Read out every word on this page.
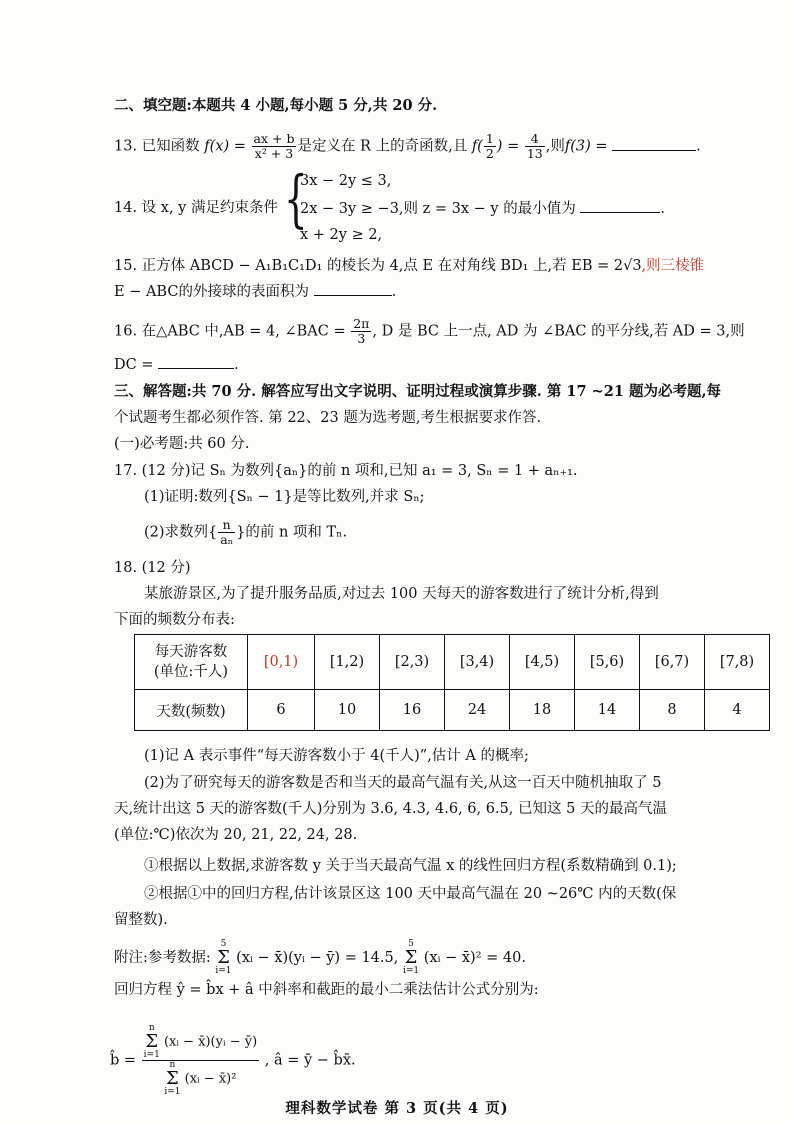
二、填空题:本题共 4 小题,每小题 5 分,共 20 分.
13. 已知函数 $f(x) = \frac{ax + b}{\text{x² + 3}}$ 是定义在 R 上的奇函数,且 $f( \frac{1}{2}$ ) = $\frac{4}{13}$ ,则f(3) =	.
{
3x − 2y ≤ 3,
14. 设 x, y 满足约束条件 2x − 3y ≥ −3,则 z = 3x − y 的最小值为	.
x + 2y ≥ 2,
15. 正方体 ABCD − A₁B₁C₁D₁ 的棱长为 4,点 E 在对角线 BD₁ 上,若 EB = 2√3,则三棱锥
E − ABC的外接球的表面积为	.
16. 在△ABC 中,AB = 4, ∠BAC = $\frac{2\pi}{3}$ , D 是 BC 上一点, AD 为 ∠BAC 的平分线,若 AD = 3,则
DC =	.
三、解答题:共 70 分. 解答应写出文字说明、证明过程或演算步骤. 第 17 ~21 题为必考题,每
个试题考生都必须作答. 第 22、23 题为选考题,考生根据要求作答.
(一)必考题:共 60 分.
17. (12 分)记 Sₙ 为数列{aₙ}的前 n 项和,已知 a₁ = 3, Sₙ = 1 + aₙ₊₁.
(1)证明:数列{Sₙ − 1}是等比数列,并求 Sₙ;
(2)求数列{ $\frac{n}{\text{aₙ}}$ }的前 n 项和 Tₙ.
18. (12 分)
某旅游景区,为了提升服务品质,对过去 100 天每天的游客数进行了统计分析,得到
下面的频数分布表:
每天游客数
(单位:千人)	[0,1)	[1,2)	[2,3)	[3,4)	[4,5)	[5,6)	[6,7)	[7,8)
天数(频数)	6	10	16	24	18	14	8	4
(1)记 A 表示事件“每天游客数小于 4(千人)”,估计 A 的概率;
(2)为了研究每天的游客数是否和当天的最高气温有关,从这一百天中随机抽取了 5
天,统计出这 5 天的游客数(千人)分别为 3.6, 4.3, 4.6, 6, 6.5, 已知这 5 天的最高气温
(单位:℃)依次为 20, 21, 22, 24, 28.
①根据以上数据,求游客数 y 关于当天最高气温 x 的线性回归方程(系数精确到 0.1);
②根据①中的回归方程,估计该景区这 100 天中最高气温在 20 ~26℃ 内的天数(保
留整数).
附注:参考数据: 5
Σ
i=1 (xᵢ − x̄)(yᵢ − ȳ) = 14.5, 5
Σ
i=1 (xᵢ − x̄)² = 40.
回归方程 ŷ = b̂x + â 中斜率和截距的最小二乘法估计公式分别为:
b̂ = n
Σ
i=1 (xᵢ − x̄)(yᵢ − ȳ)
n
Σ
i=1 (xᵢ − x̄)² , â = ȳ − b̂x̄.
理科数学试卷 第 3 页(共 4 页)
